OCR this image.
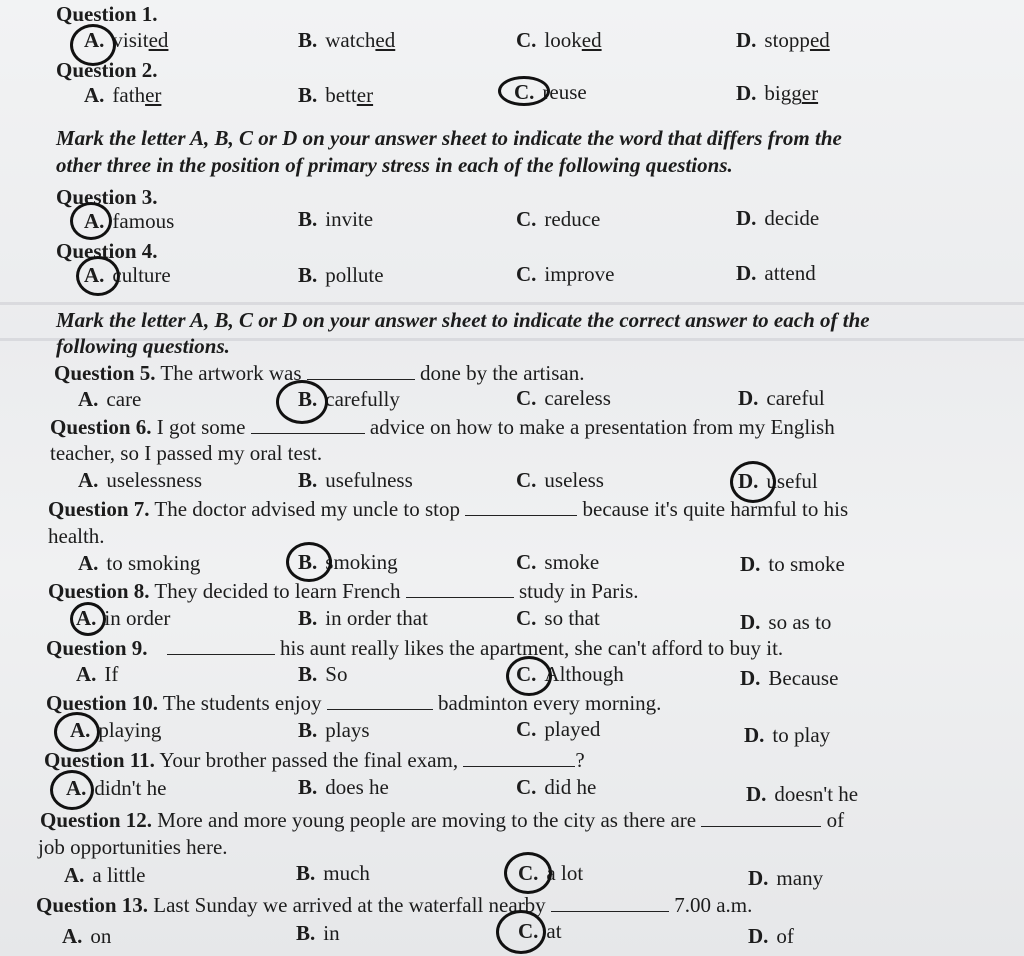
Question 1.
A. visited	B. watched	C. looked	D. stopped
Question 2.
A. father	B. better	C. reuse	D. bigger
Mark the letter A, B, C or D on your answer sheet to indicate the word that differs from the
other three in the position of primary stress in each of the following questions.
Question 3.
A. famous	B. invite	C. reduce	D. decide
Question 4.
A. culture	B. pollute	C. improve	D. attend
Mark the letter A, B, C or D on your answer sheet to indicate the correct answer to each of the
following questions.
Question 5. The artwork was	done by the artisan.
A. care	B. carefully	C. careless	D. careful
Question 6. I got some	advice on how to make a presentation from my English
teacher, so I passed my oral test.
A. uselessness	B. usefulness	C. useless	D. useful
Question 7. The doctor advised my uncle to stop	because it's quite harmful to his
health.
A. to smoking	B. smoking	C. smoke	D. to smoke
Question 8. They decided to learn French	study in Paris.
A. in order	B. in order that	C. so that	D. so as to
Question 9.	his aunt really likes the apartment, she can't afford to buy it.
A. If	B. So	C. Although	D. Because
Question 10. The students enjoy	badminton every morning.
A. playing	B. plays	C. played	D. to play
Question 11. Your brother passed the final exam,	?
A. didn't he	B. does he	C. did he	D. doesn't he
Question 12. More and more young people are moving to the city as there are	of
job opportunities here.
A. a little	B. much	C. a lot	D. many
Question 13. Last Sunday we arrived at the waterfall nearby	7.00 a.m.
A. on	B. in	C. at	D. of
